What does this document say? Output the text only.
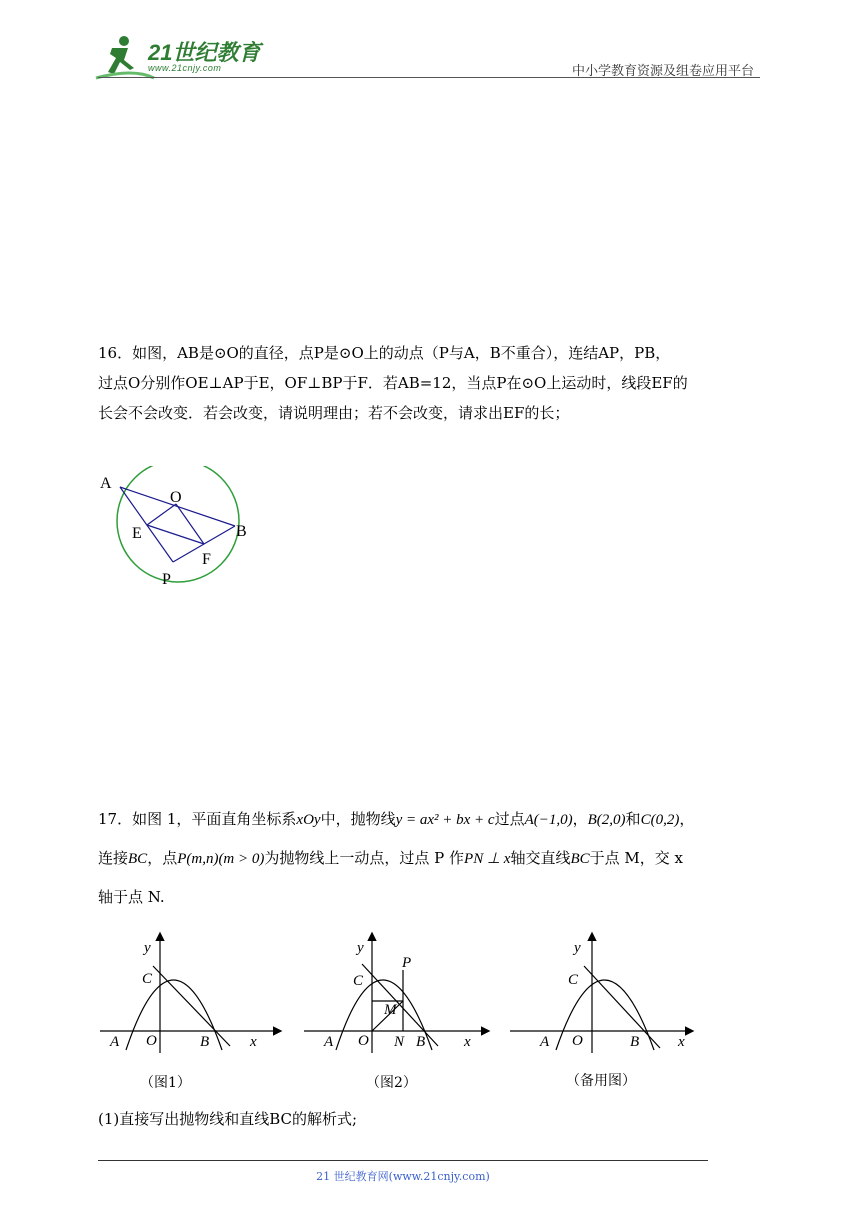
21世纪教育
www.21cnjy.com	中小学教育资源及组卷应用平台
16．如图，AB是⊙O的直径，点P是⊙O上的动点（P与A，B不重合），连结AP，PB，
过点O分别作OE⊥AP于E，OF⊥BP于F．若AB=12，当点P在⊙O上运动时，线段EF的
长会不会改变．若会改变，请说明理由；若不会改变，请求出EF的长；
A
O
B
E
F
P
17．如图 1，平面直角坐标系xOy中，抛物线y = ax² + bx + c过点A(−1,0)，B(2,0)和C(0,2)，
连接BC，点P(m,n)(m > 0)为抛物线上一动点，过点 P 作PN ⊥ x轴交直线BC于点 M，交 x
轴于点 N.
y
C
A O	B	x
（图1）
y
C
P
M
A O N B	x
（图2）
y
C
A O	B	x
（备用图）
(1)直接写出抛物线和直线BC的解析式;
21 世纪教育网(www.21cnjy.com)
